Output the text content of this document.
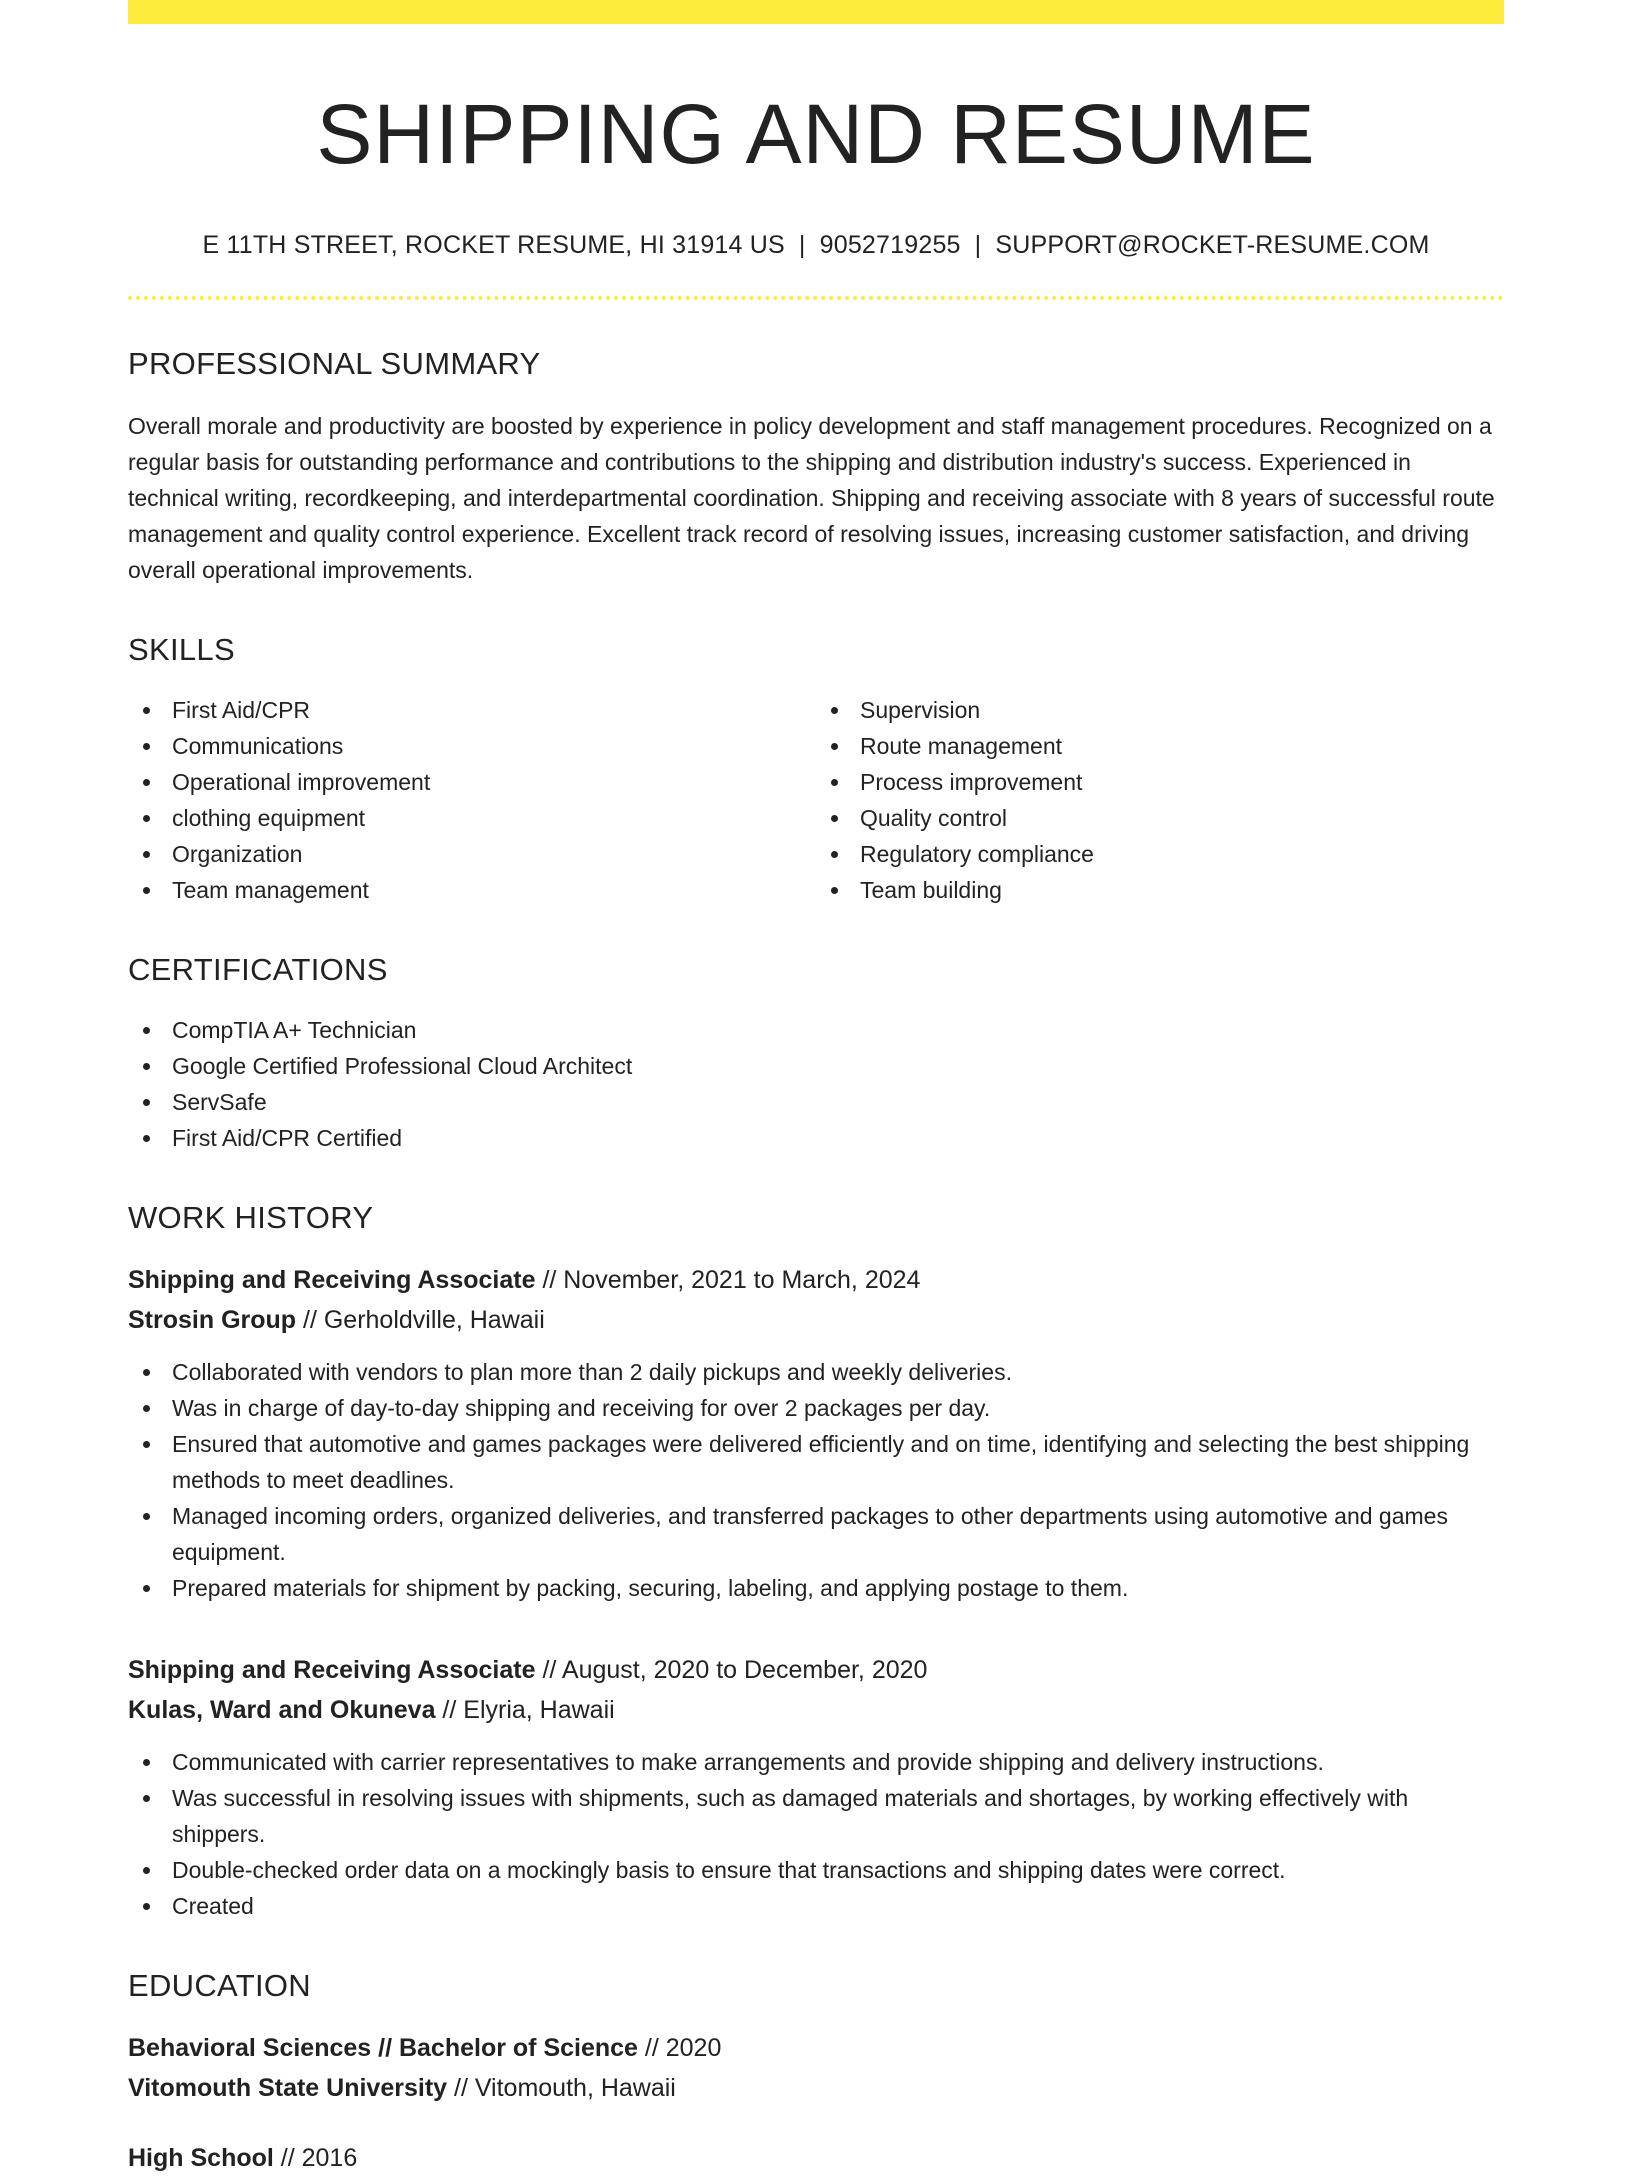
SHIPPING AND RESUME
E 11TH STREET, ROCKET RESUME, HI 31914 US | 9052719255 | SUPPORT@ROCKET-RESUME.COM
PROFESSIONAL SUMMARY

Overall morale and productivity are boosted by experience in policy development and staff management procedures. Recognized on a regular basis for outstanding performance and contributions to the shipping and distribution industry's success. Experienced in technical writing, recordkeeping, and interdepartmental coordination. Shipping and receiving associate with 8 years of successful route management and quality control experience. Excellent track record of resolving issues, increasing customer satisfaction, and driving overall operational improvements.

SKILLS
First Aid/CPR
Communications
Operational improvement
clothing equipment
Organization
Team management
Supervision
Route management
Process improvement
Quality control
Regulatory compliance
Team building
CERTIFICATIONS
CompTIA A+ Technician
Google Certified Professional Cloud Architect
ServSafe
First Aid/CPR Certified
WORK HISTORY
Shipping and Receiving Associate // November, 2021 to March, 2024
Strosin Group // Gerholdville, Hawaii
Collaborated with vendors to plan more than 2 daily pickups and weekly deliveries.
Was in charge of day-to-day shipping and receiving for over 2 packages per day.
Ensured that automotive and games packages were delivered efficiently and on time, identifying and selecting the best shipping methods to meet deadlines.
Managed incoming orders, organized deliveries, and transferred packages to other departments using automotive and games equipment.
Prepared materials for shipment by packing, securing, labeling, and applying postage to them.
Shipping and Receiving Associate // August, 2020 to December, 2020
Kulas, Ward and Okuneva // Elyria, Hawaii
Communicated with carrier representatives to make arrangements and provide shipping and delivery instructions.
Was successful in resolving issues with shipments, such as damaged materials and shortages, by working effectively with shippers.
Double-checked order data on a mockingly basis to ensure that transactions and shipping dates were correct.
Created
EDUCATION
Behavioral Sciences // Bachelor of Science // 2020
Vitomouth State University // Vitomouth, Hawaii
High School // 2016
